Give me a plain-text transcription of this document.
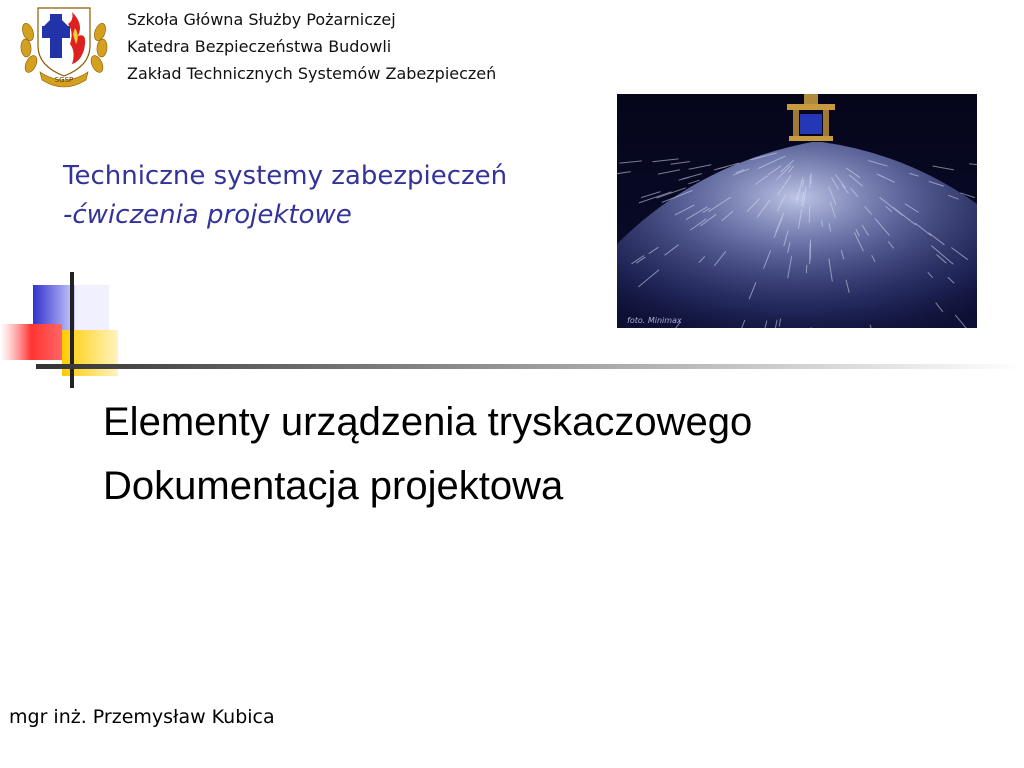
SGSP
Szkoła Główna Służby Pożarniczej
Katedra Bezpieczeństwa Budowli
Zakład Technicznych Systemów Zabezpieczeń
Techniczne systemy zabezpieczeń
-ćwiczenia projektowe
foto. Minimax
Elementy urządzenia tryskaczowego
Dokumentacja projektowa
mgr inż. Przemysław Kubica
